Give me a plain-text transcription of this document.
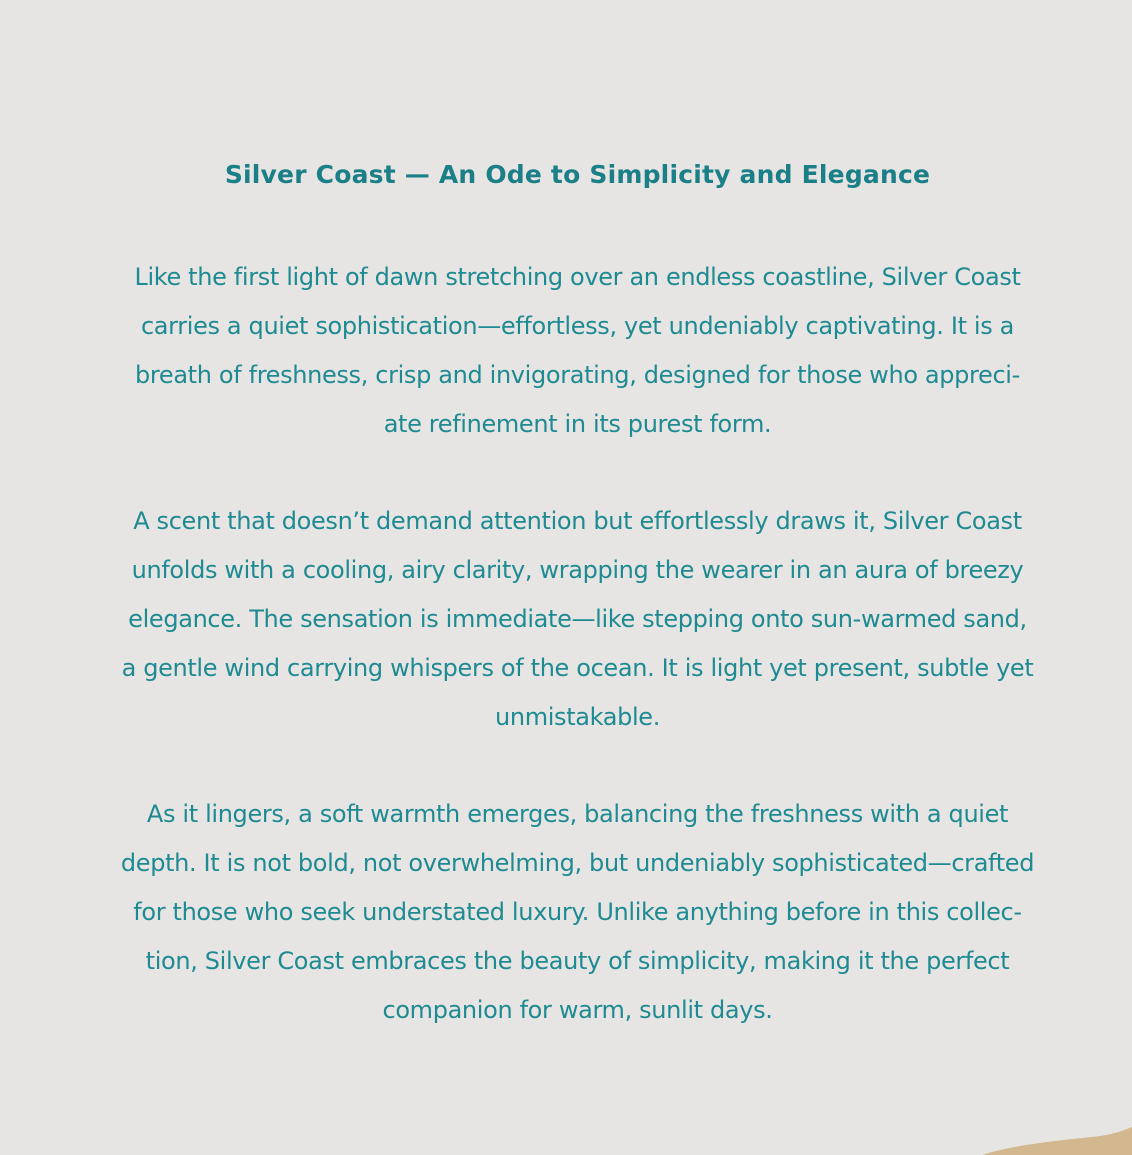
Silver Coast — An Ode to Simplicity and Elegance
Like the first light of dawn stretching over an endless coastline, Silver Coast
carries a quiet sophistication—effortless, yet undeniably captivating. It is a
breath of freshness, crisp and invigorating, designed for those who appreci-
ate refinement in its purest form.
A scent that doesn’t demand attention but effortlessly draws it, Silver Coast
unfolds with a cooling, airy clarity, wrapping the wearer in an aura of breezy
elegance. The sensation is immediate—like stepping onto sun-warmed sand,
a gentle wind carrying whispers of the ocean. It is light yet present, subtle yet
unmistakable.
As it lingers, a soft warmth emerges, balancing the freshness with a quiet
depth. It is not bold, not overwhelming, but undeniably sophisticated—crafted
for those who seek understated luxury. Unlike anything before in this collec-
tion, Silver Coast embraces the beauty of simplicity, making it the perfect
companion for warm, sunlit days.
